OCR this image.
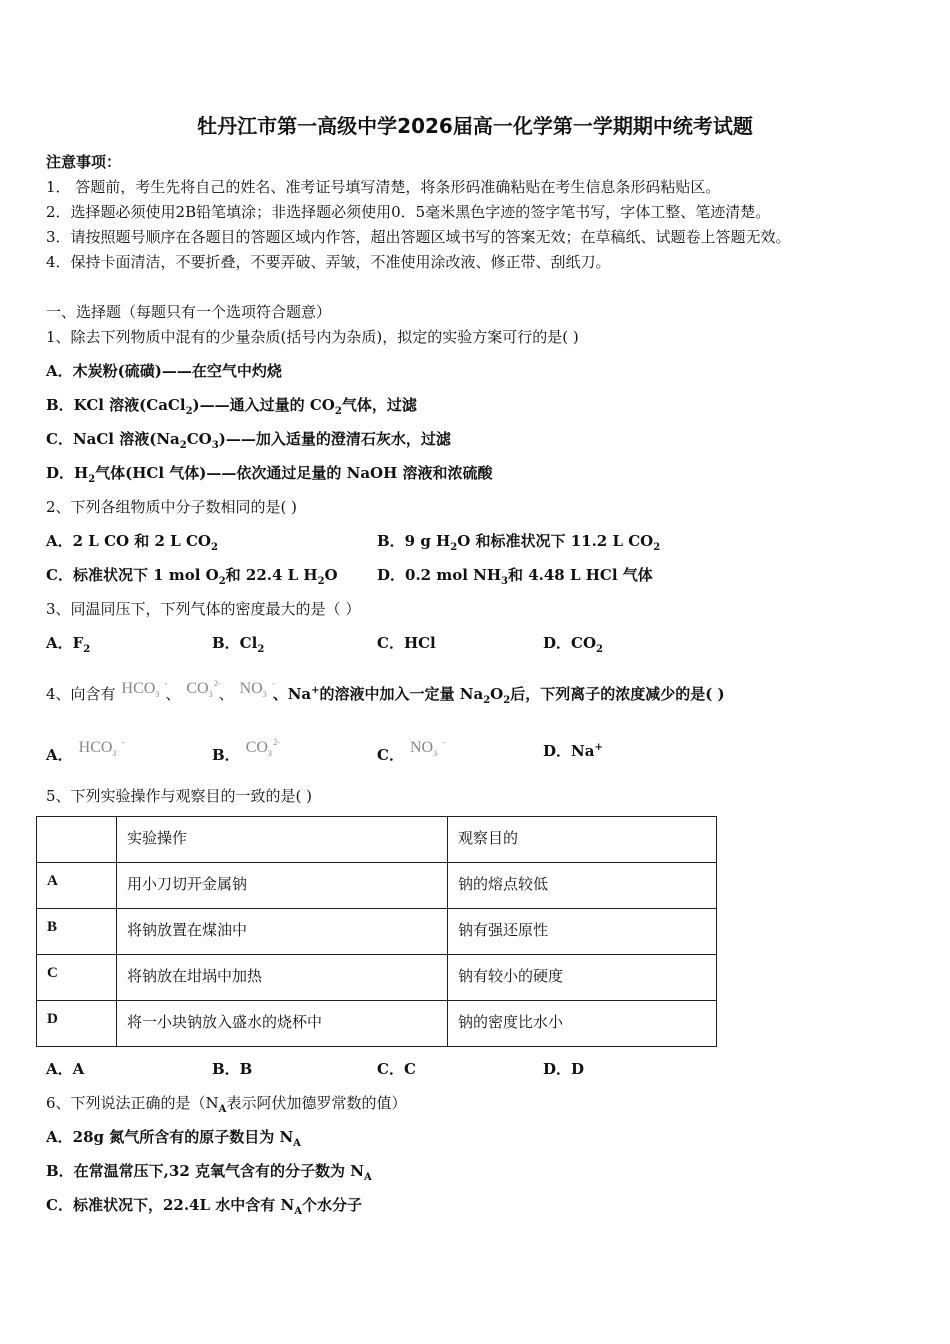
牡丹江市第一高级中学2026届高一化学第一学期期中统考试题
注意事项：
1． 答题前，考生先将自己的姓名、准考证号填写清楚，将条形码准确粘贴在考生信息条形码粘贴区。
2．选择题必须使用2B铅笔填涂；非选择题必须使用0．5毫米黑色字迹的签字笔书写，字体工整、笔迹清楚。
3．请按照题号顺序在各题目的答题区域内作答，超出答题区域书写的答案无效；在草稿纸、试题卷上答题无效。
4．保持卡面清洁，不要折叠，不要弄破、弄皱，不准使用涂改液、修正带、刮纸刀。
一、选择题（每题只有一个选项符合题意）
1、除去下列物质中混有的少量杂质(括号内为杂质)，拟定的实验方案可行的是( )
A．木炭粉(硫磺)——在空气中灼烧
B．KCl 溶液(CaCl$_2$)——通入过量的 $CO_2$气体，过滤
C．NaCl 溶液$(Na_2CO_3)——$加入适量的澄清石灰水，过滤
D．$H_2$气体(HCl 气体)——依次通过足量的 NaOH 溶液和浓硫酸
2、下列各组物质中分子数相同的是( )
A．2 L CO 和 2 L $CO_2$	B．9 g $H_2O$ 和标准状况下 11.2 L $CO_2$
C．标准状况下 1 mol $O_2$和 22.4 L $H_2O$	D．0.2 mol $NH_3$和 4.48 L HCl 气体
3、同温同压下，下列气体的密度最大的是（ ）
A．$F_2$	B．$Cl_2$	C．HCl	D．$CO_2$
4、向含有 $HCO_3$
-
、 $CO_3$
2-
、 $NO_3$
-
、Na+的溶液中加入一定量 $Na_2O_2$后，下列离子的浓度减少的是( )
A． $HCO_3$
-
B． $CO_3$
2-
C． $NO_3$
-	D．Na+
5、下列实验操作与观察目的一致的是( )
	实验操作	观察目的
A	用小刀切开金属钠	钠的熔点较低
B	将钠放置在煤油中	钠有强还原性
C	将钠放在坩埚中加热	钠有较小的硬度
D	将一小块钠放入盛水的烧杯中	钠的密度比水小
A．A	B．B	C．C	D．D
6、下列说法正确的是（$N_A$表示阿伏加德罗常数的值）
A．28g 氮气所含有的原子数目为 $N_A$
B．在常温常压下,32 克氧气含有的分子数为 $N_A$
C．标准状况下，22.4L 水中含有 $N_A$个水分子
